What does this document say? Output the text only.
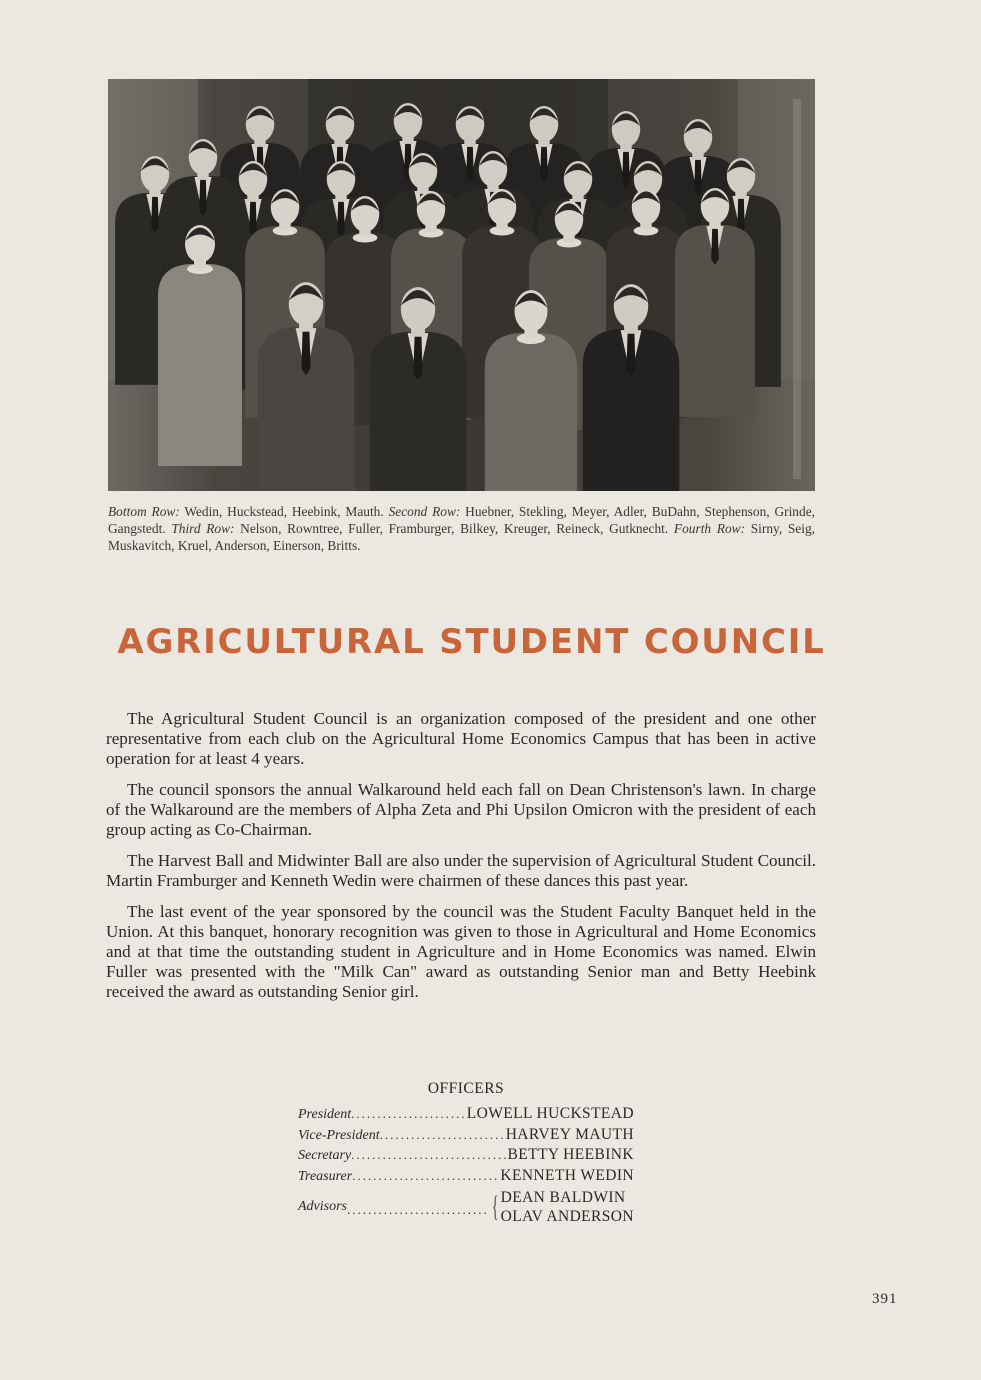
Bottom Row: Wedin, Huckstead, Heebink, Mauth. Second Row: Huebner, Stekling, Meyer, Adler, BuDahn, Stephenson, Grinde, Gangstedt. Third Row: Nelson, Rowntree, Fuller, Framburger, Bilkey, Kreuger, Reineck, Gutknecht. Fourth Row: Sirny, Seig, Muskavitch, Kruel, Anderson, Einerson, Britts.
AGRICULTURAL STUDENT COUNCIL

The Agricultural Student Council is an organization composed of the president and one other representative from each club on the Agricultural Home Economics Campus that has been in active operation for at least 4 years.

The council sponsors the annual Walkaround held each fall on Dean Christenson's lawn. In charge of the Walkaround are the members of Alpha Zeta and Phi Upsilon Omicron with the president of each group acting as Co-Chairman.

The Harvest Ball and Midwinter Ball are also under the supervision of Agricultural Student Council. Martin Framburger and Kenneth Wedin were chairmen of these dances this past year.

The last event of the year sponsored by the council was the Student Faculty Banquet held in the Union. At this banquet, honorary recognition was given to those in Agricultural and Home Economics and at that time the outstanding student in Agriculture and in Home Economics was named. Elwin Fuller was presented with the "Milk Can" award as outstanding Senior man and Betty Heebink received the award as outstanding Senior girl.

OFFICERS
President .....	LOWELL HUCKSTEAD
Vice-President .....	HARVEY MAUTH
Secretary .....	BETTY HEEBINK
Treasurer .....	KENNETH WEDIN
Advisors .....	{ DEAN BALDWIN
OLAV ANDERSON
391
